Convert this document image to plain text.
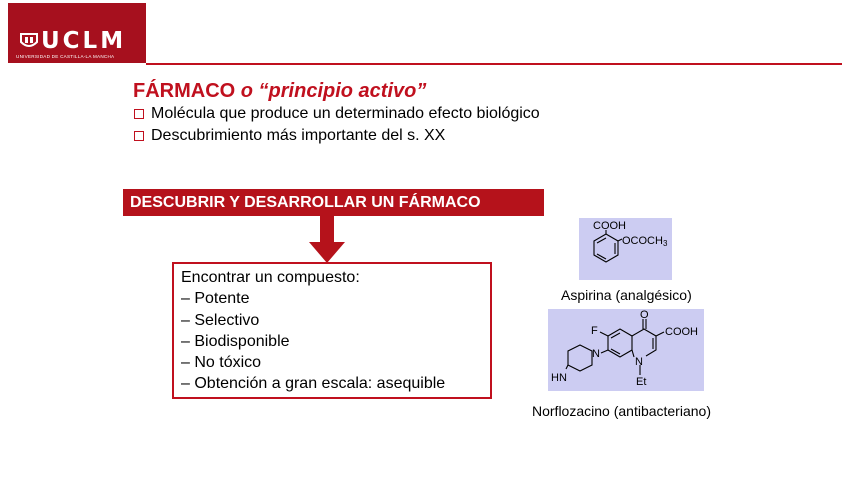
UCLM
UNIVERSIDAD DE CASTILLA-LA MANCHA
FÁRMACO o “principio activo”
Molécula que produce un determinado efecto biológico
Descubrimiento más importante del s. XX
DESCUBRIR Y DESARROLLAR UN FÁRMACO
Encontrar un compuesto:
– Potente
– Selectivo
– Biodisponible
– No tóxico
– Obtención a gran escala: asequible
COOH
OCOCH3
Aspirina (analgésico)
F
O
COOH
N
N
HN	Et
Norflozacino (antibacteriano)
